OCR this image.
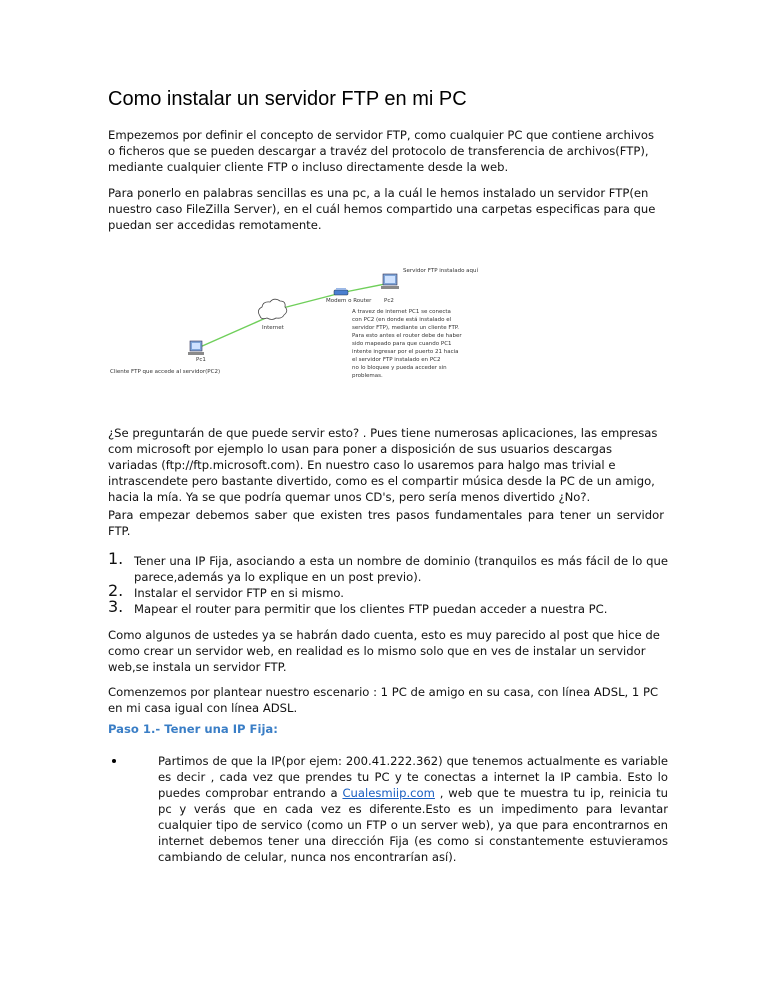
Como instalar un servidor FTP en mi PC

Empezemos por definir el concepto de servidor FTP, como cualquier PC que contiene archivos o ficheros que se pueden descargar a travéz del protocolo de transferencia de archivos(FTP), mediante cualquier cliente FTP o incluso directamente desde la web.

Para ponerlo en palabras sencillas es una pc, a la cuál le hemos instalado un servidor FTP(en nuestro caso FileZilla Server), en el cuál hemos compartido una carpetas especificas para que puedan ser accedidas remotamente.

Pc1
Cliente FTP que accede al servidor(PC2)
Internet
Modem o Router Pc2
Servidor FTP instalado aquí
A travez de internet PC1 se conecta
con PC2 (en donde está instalado el
servidor FTP), mediante un cliente FTP.
Para esto antes el router debe de haber
sido mapeado para que cuando PC1
intente ingresar por el puerto 21 hacia
el servidor FTP instalado en PC2
no lo bloquee y pueda acceder sin
problemas.

¿Se preguntarán de que puede servir esto? . Pues tiene numerosas aplicaciones, las empresas com microsoft por ejemplo lo usan para poner a disposición de sus usuarios descargas variadas (ftp://ftp.microsoft.com). En nuestro caso lo usaremos para halgo mas trivial e intrascendete pero bastante divertido, como es el compartir música desde la PC de un amigo, hacia la mía. Ya se que podría quemar unos CD's, pero sería menos divertido ¿No?.

Para empezar debemos saber que existen tres pasos fundamentales para tener un servidor FTP.

1. Tener una IP Fija, asociando a esta un nombre de dominio (tranquilos es más fácil de lo que parece,además ya lo explique en un post previo).
2. Instalar el servidor FTP en si mismo.
3. Mapear el router para permitir que los clientes FTP puedan acceder a nuestra PC.

Como algunos de ustedes ya se habrán dado cuenta, esto es muy parecido al post que hice de como crear un servidor web, en realidad es lo mismo solo que en ves de instalar un servidor web,se instala un servidor FTP.

Comenzemos por plantear nuestro escenario : 1 PC de amigo en su casa, con línea ADSL, 1 PC en mi casa igual con línea ADSL.

Paso 1.- Tener una IP Fija:

Partimos de que la IP(por ejem: 200.41.222.362) que tenemos actualmente es variable es decir , cada vez que prendes tu PC y te conectas a internet la IP cambia. Esto lo puedes comprobar entrando a Cualesmiip.com , web que te muestra tu ip, reinicia tu pc y verás que en cada vez es diferente.Esto es un impedimento para levantar cualquier tipo de servico (como un FTP o un server web), ya que para encontrarnos en internet debemos tener una dirección Fija (es como si constantemente estuvieramos cambiando de celular, nunca nos encontrarían así).
